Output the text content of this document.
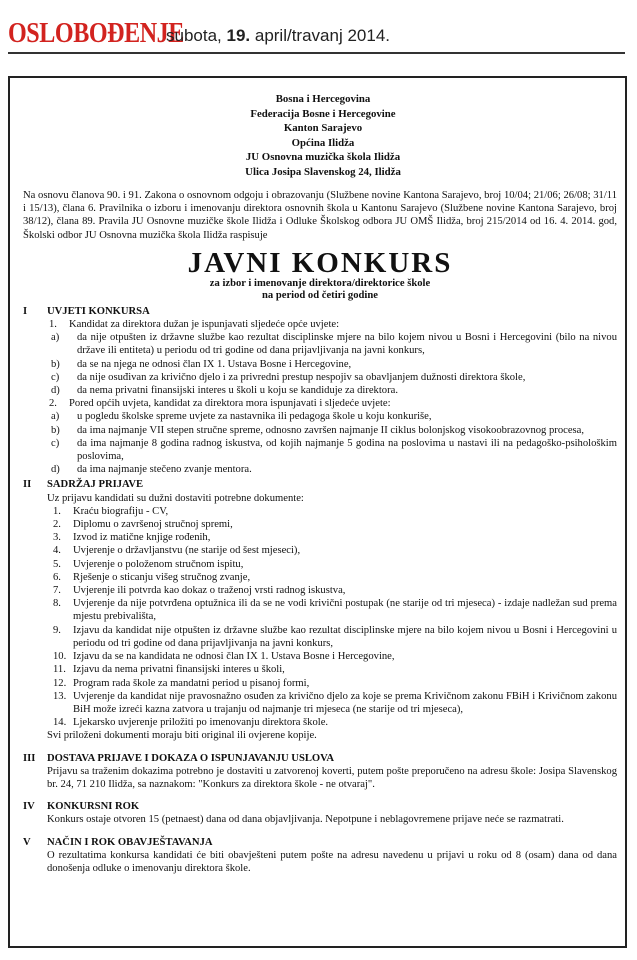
OSLOBOĐENJE
subota, 19. april/travanj 2014.
Bosna i Hercegovina
Federacija Bosne i Hercegovine
Kanton Sarajevo
Općina Ilidža
JU Osnovna muzička škola Ilidža
Ulica Josipa Slavenskog 24, Ilidža
Na osnovu članova 90. i 91. Zakona o osnovnom odgoju i obrazovanju (Službene novine Kantona Sarajevo, broj 10/04; 21/06; 26/08; 31/11 i 15/13), člana 6. Pravilnika o izboru i imenovanju direktora osnovnih škola u Kantonu Sarajevo (Službene novine Kantona Sarajevo, broj 38/12), člana 89. Pravila JU Osnovne muzičke škole Ilidža i Odluke Školskog odbora JU OMŠ Ilidža, broj 215/2014 od 16. 4. 2014. god, Školski odbor JU Osnovna muzička škola Ilidža raspisuje
JAVNI KONKURS
za izbor i imenovanje direktora/direktorice škole
na period od četiri godine
I	UVJETI KONKURSA
1.	Kandidat za direktora dužan je ispunjavati sljedeće opće uvjete:
a)	da nije otpušten iz državne službe kao rezultat disciplinske mjere na bilo kojem nivou u Bosni i Hercegovini (bilo na nivou države ili entiteta) u periodu od tri godine od dana prijavljivanja na javni konkurs,
b)	da se na njega ne odnosi član IX 1. Ustava Bosne i Hercegovine,
c)	da nije osuđivan za krivično djelo i za privredni prestup nespojiv sa obavljanjem dužnosti direktora škole,
d)	da nema privatni finansijski interes u školi u koju se kandiduje za direktora.
2.	Pored općih uvjeta, kandidat za direktora mora ispunjavati i sljedeće uvjete:
a)	u pogledu školske spreme uvjete za nastavnika ili pedagoga škole u koju konkuriše,
b)	da ima najmanje VII stepen stručne spreme, odnosno završen najmanje II ciklus bolonjskog visokoobrazovnog procesa,
c)	da ima najmanje 8 godina radnog iskustva, od kojih najmanje 5 godina na poslovima u nastavi ili na pedagoško-psihološkim poslovima,
d)	da ima najmanje stečeno zvanje mentora.
II	SADRŽAJ PRIJAVE
Uz prijavu kandidati su dužni dostaviti potrebne dokumente:
1.	Kraću biografiju - CV,
2.	Diplomu o završenoj stručnoj spremi,
3.	Izvod iz matične knjige rođenih,
4.	Uvjerenje o državljanstvu (ne starije od šest mjeseci),
5.	Uvjerenje o položenom stručnom ispitu,
6.	Rješenje o sticanju višeg stručnog zvanje,
7.	Uvjerenje ili potvrda kao dokaz o traženoj vrsti radnog iskustva,
8.	Uvjerenje da nije potvrđena optužnica ili da se ne vodi krivični postupak (ne starije od tri mjeseca) - izdaje nadležan sud prema mjestu prebivališta,
9.	Izjavu da kandidat nije otpušten iz državne službe kao rezultat disciplinske mjere na bilo kojem nivou u Bosni i Hercegovini u periodu od tri godine od dana prijavljivanja na javni konkurs,
10. Izjavu da se na kandidata ne odnosi član IX 1. Ustava Bosne i Hercegovine,
11. Izjavu da nema privatni finansijski interes u školi,
12. Program rada škole za mandatni period u pisanoj formi,
13. Uvjerenje da kandidat nije pravosnažno osuđen za krivično djelo za koje se prema Krivičnom zakonu FBiH i Krivičnom zakonu BiH može izreći kazna zatvora u trajanju od najmanje tri mjeseca (ne starije od tri mjeseca),
14. Ljekarsko uvjerenje priložiti po imenovanju direktora škole.
Svi priloženi dokumenti moraju biti original ili ovjerene kopije.
III	DOSTAVA PRIJAVE I DOKAZA O ISPUNJAVANJU USLOVA
Prijavu sa traženim dokazima potrebno je dostaviti u zatvorenoj koverti, putem pošte preporučeno na adresu škole: Josipa Slavenskog br. 24, 71 210 Ilidža, sa naznakom: "Konkurs za direktora škole - ne otvaraj".
IV	KONKURSNI ROK
Konkurs ostaje otvoren 15 (petnaest) dana od dana objavljivanja. Nepotpune i neblagovremene prijave neće se razmatrati.
V	NAČIN I ROK OBAVJEŠTAVANJA
O rezultatima konkursa kandidati će biti obavješteni putem pošte na adresu navedenu u prijavi u roku od 8 (osam) dana od dana donošenja odluke o imenovanju direktora škole.
